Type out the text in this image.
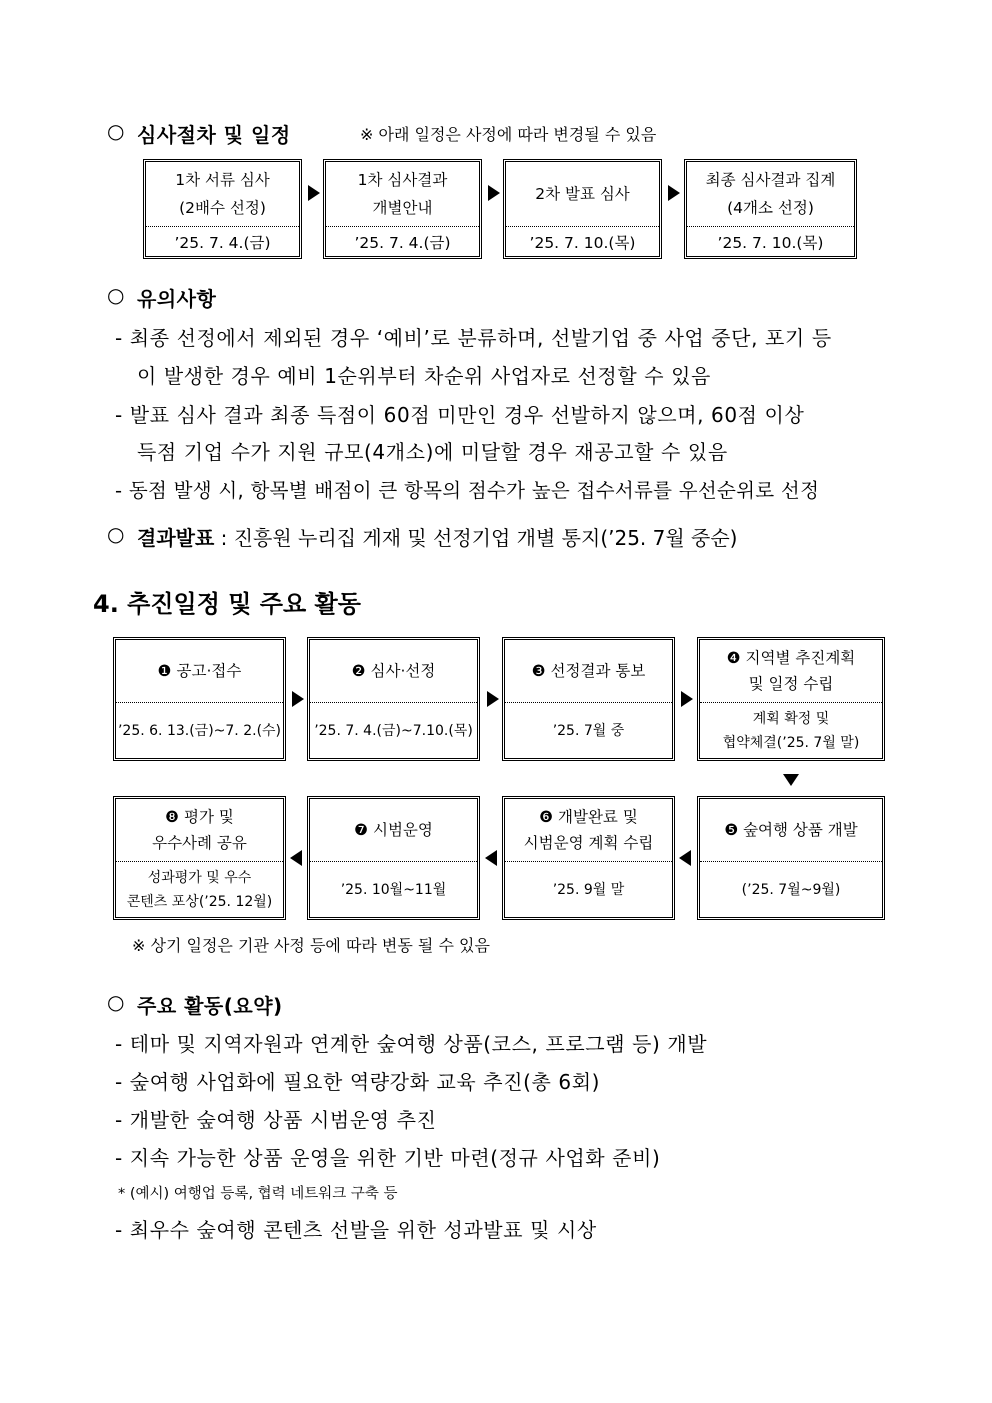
○ 심사절차 및 일정	※ 아래 일정은 사정에 따라 변경될 수 있음
1차 서류 심사
(2배수 선정)
’25. 7. 4.(금)
1차 심사결과
개별안내
’25. 7. 4.(금)
2차 발표 심사
’25. 7. 10.(목)
최종 심사결과 집계
(4개소 선정)
’25. 7. 10.(목)
○ 유의사항
- 최종 선정에서 제외된 경우 ‘예비’로 분류하며, 선발기업 중 사업 중단, 포기 등
이 발생한 경우 예비 1순위부터 차순위 사업자로 선정할 수 있음
- 발표 심사 결과 최종 득점이 60점 미만인 경우 선발하지 않으며, 60점 이상
득점 기업 수가 지원 규모(4개소)에 미달할 경우 재공고할 수 있음
- 동점 발생 시, 항목별 배점이 큰 항목의 점수가 높은 접수서류를 우선순위로 선정
○ 결과발표 : 진흥원 누리집 게재 및 선정기업 개별 통지(’25. 7월 중순)
4. 추진일정 및 주요 활동
❶ 공고·접수
’25. 6. 13.(금)~7. 2.(수)
❷ 심사·선정
’25. 7. 4.(금)~7.10.(목)
❸ 선정결과 통보
’25. 7월 중
❹ 지역별 추진계획
및 일정 수립
계획 확정 및
협약체결(’25. 7월 말)
❽ 평가 및
우수사례 공유
성과평가 및 우수
콘텐츠 포상(’25. 12월)
❼ 시범운영
’25. 10월~11월
❻ 개발완료 및
시범운영 계획 수립
’25. 9월 말
❺ 숲여행 상품 개발
(’25. 7월~9월)
※ 상기 일정은 기관 사정 등에 따라 변동 될 수 있음
○ 주요 활동(요약)
- 테마 및 지역자원과 연계한 숲여행 상품(코스, 프로그램 등) 개발
- 숲여행 사업화에 필요한 역량강화 교육 추진(총 6회)
- 개발한 숲여행 상품 시범운영 추진
- 지속 가능한 상품 운영을 위한 기반 마련(정규 사업화 준비)
* (예시) 여행업 등록, 협력 네트워크 구축 등
- 최우수 숲여행 콘텐츠 선발을 위한 성과발표 및 시상
